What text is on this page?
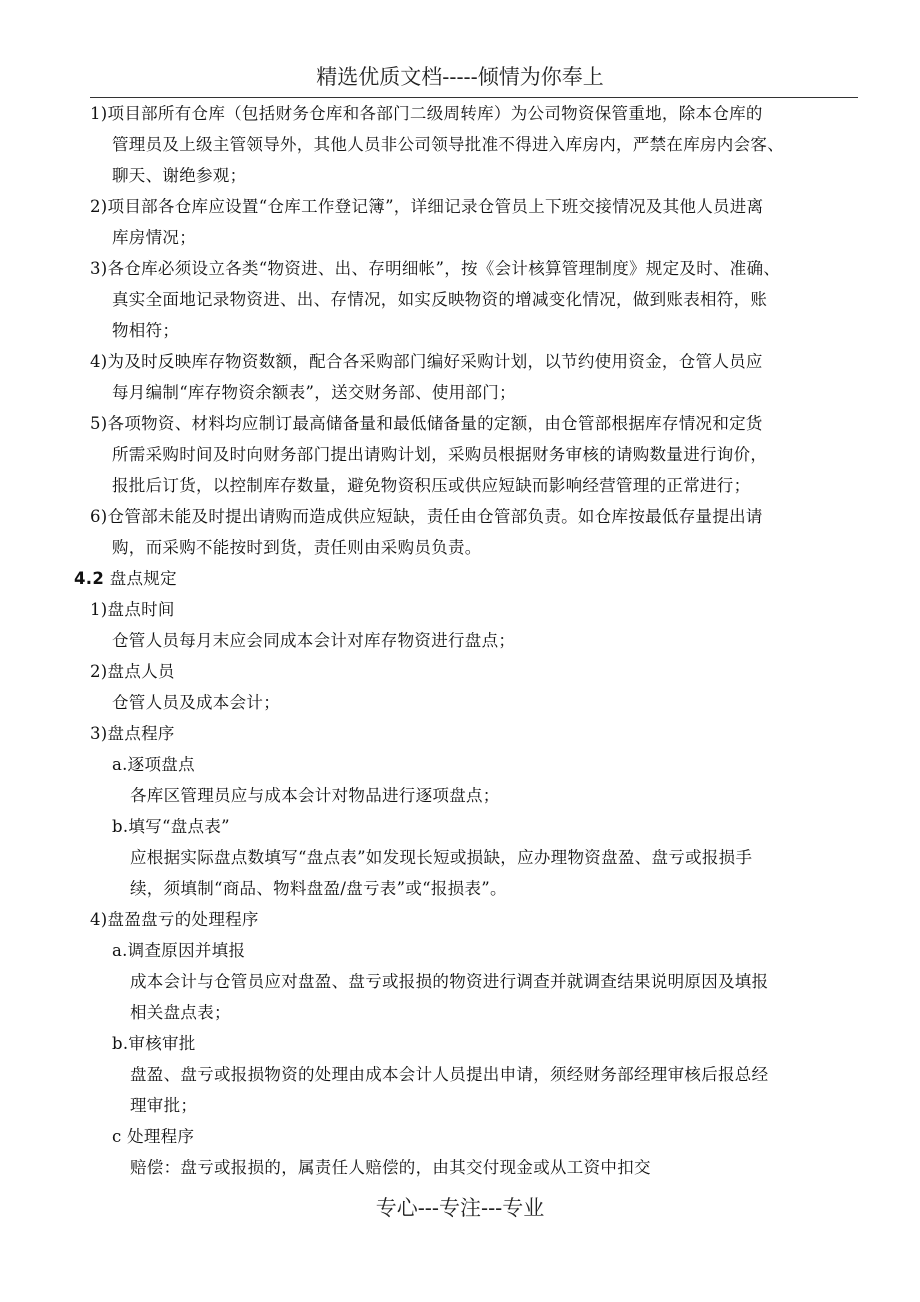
精选优质文档-----倾情为你奉上
1)项目部所有仓库（包括财务仓库和各部门二级周转库）为公司物资保管重地，除本仓库的
管理员及上级主管领导外，其他人员非公司领导批准不得进入库房内，严禁在库房内会客、
聊天、谢绝参观；
2)项目部各仓库应设置“仓库工作登记簿”，详细记录仓管员上下班交接情况及其他人员进离
库房情况；
3)各仓库必须设立各类“物资进、出、存明细帐”，按《会计核算管理制度》规定及时、准确、
真实全面地记录物资进、出、存情况，如实反映物资的增减变化情况，做到账表相符，账
物相符；
4)为及时反映库存物资数额，配合各采购部门编好采购计划，以节约使用资金，仓管人员应
每月编制“库存物资余额表”，送交财务部、使用部门；
5)各项物资、材料均应制订最高储备量和最低储备量的定额，由仓管部根据库存情况和定货
所需采购时间及时向财务部门提出请购计划，采购员根据财务审核的请购数量进行询价，
报批后订货，以控制库存数量，避免物资积压或供应短缺而影响经营管理的正常进行；
6)仓管部未能及时提出请购而造成供应短缺，责任由仓管部负责。如仓库按最低存量提出请
购，而采购不能按时到货，责任则由采购员负责。
4.2 盘点规定
1)盘点时间
仓管人员每月末应会同成本会计对库存物资进行盘点；
2)盘点人员
仓管人员及成本会计；
3)盘点程序
a.逐项盘点
各库区管理员应与成本会计对物品进行逐项盘点；
b.填写“盘点表”
应根据实际盘点数填写“盘点表”如发现长短或损缺，应办理物资盘盈、盘亏或报损手
续，须填制“商品、物料盘盈/盘亏表”或“报损表”。
4)盘盈盘亏的处理程序
a.调查原因并填报
成本会计与仓管员应对盘盈、盘亏或报损的物资进行调查并就调查结果说明原因及填报
相关盘点表；
b.审核审批
盘盈、盘亏或报损物资的处理由成本会计人员提出申请，须经财务部经理审核后报总经
理审批；
c 处理程序
赔偿：盘亏或报损的，属责任人赔偿的，由其交付现金或从工资中扣交
专心---专注---专业
